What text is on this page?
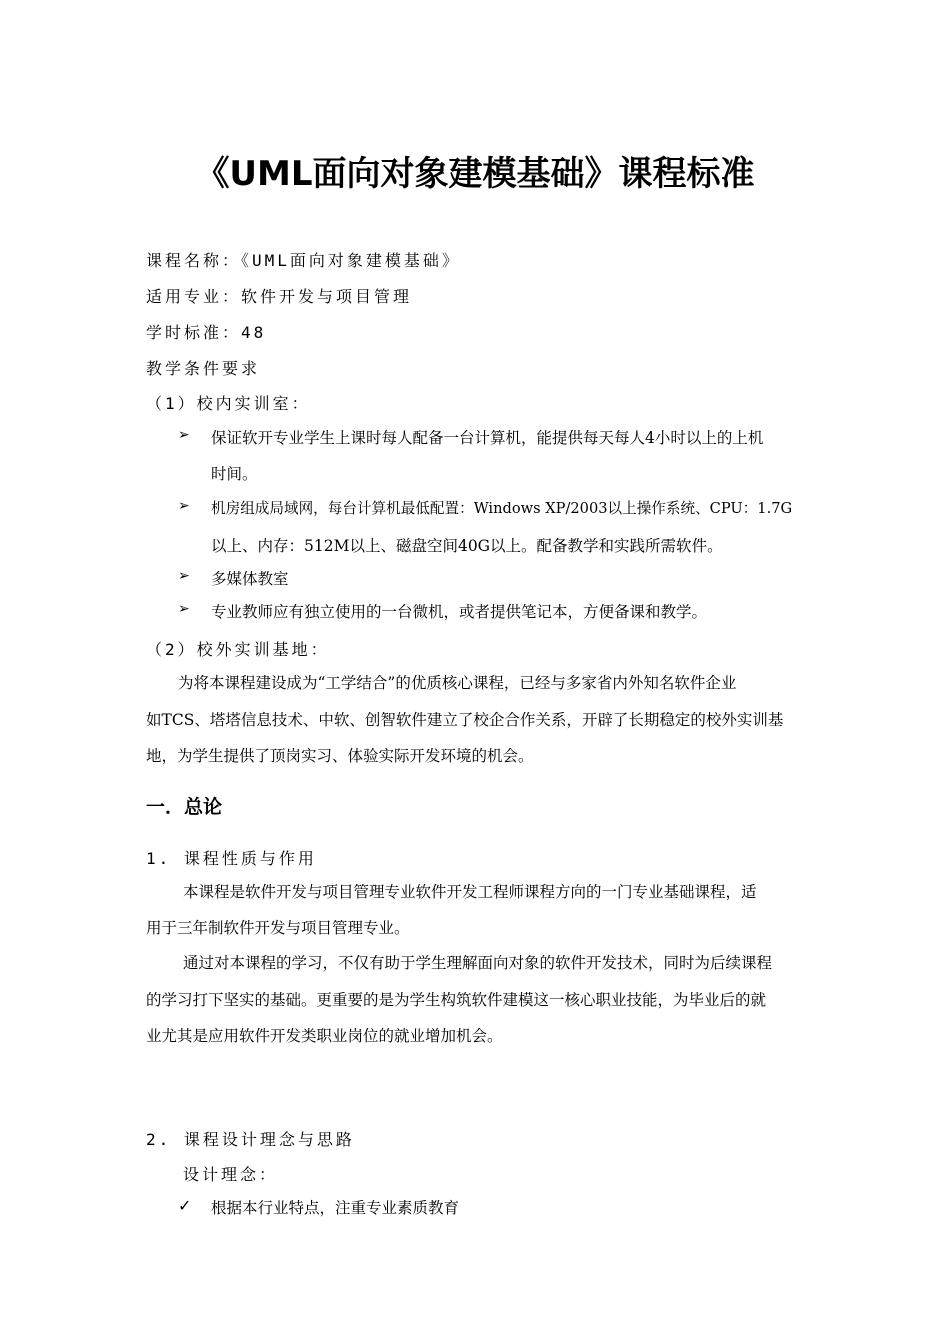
《UML面向对象建模基础》课程标准
课程名称：《UML面向对象建模基础》
适用专业：软件开发与项目管理
学时标准：48
教学条件要求
（1）校内实训室：
➢ 保证软开专业学生上课时每人配备一台计算机，能提供每天每人4小时以上的上机
时间。
➢ 机房组成局域网，每台计算机最低配置：Windows XP/2003以上操作系统、CPU：1.7G
以上、内存：512M以上、磁盘空间40G以上。配备教学和实践所需软件。
➢ 多媒体教室
➢ 专业教师应有独立使用的一台微机，或者提供笔记本，方便备课和教学。
（2）校外实训基地：
为将本课程建设成为“工学结合”的优质核心课程，已经与多家省内外知名软件企业
如TCS、塔塔信息技术、中软、创智软件建立了校企合作关系，开辟了长期稳定的校外实训基
地，为学生提供了顶岗实习、体验实际开发环境的机会。
一．总论
1. 课程性质与作用
本课程是软件开发与项目管理专业软件开发工程师课程方向的一门专业基础课程，适
用于三年制软件开发与项目管理专业。
通过对本课程的学习，不仅有助于学生理解面向对象的软件开发技术，同时为后续课程
的学习打下坚实的基础。更重要的是为学生构筑软件建模这一核心职业技能，为毕业后的就
业尤其是应用软件开发类职业岗位的就业增加机会。
2. 课程设计理念与思路
设计理念：
✓ 根据本行业特点，注重专业素质教育
